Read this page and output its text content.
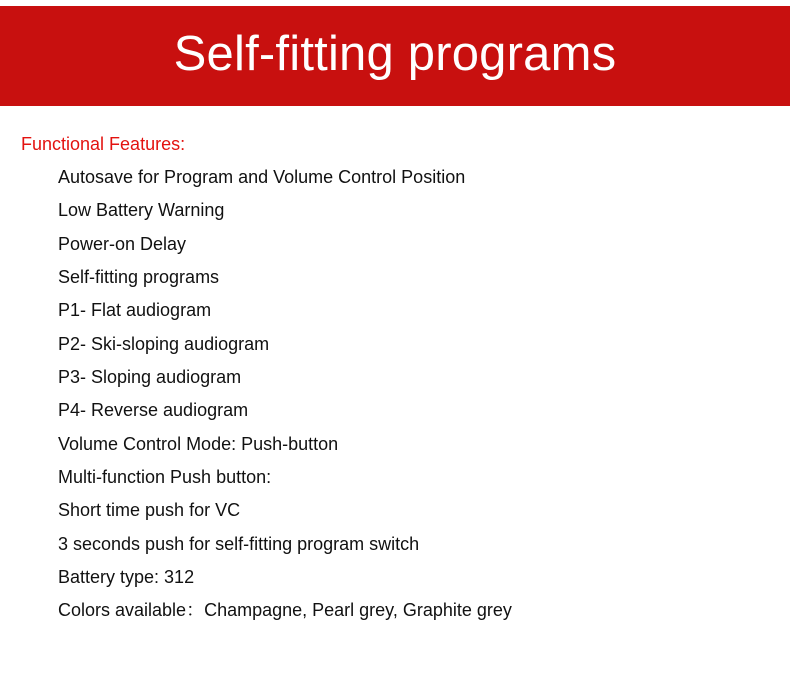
Self-fitting programs
Functional Features:
Autosave for Program and Volume Control Position
Low Battery Warning
Power-on Delay
Self-fitting programs
P1- Flat audiogram
P2- Ski-sloping audiogram
P3- Sloping audiogram
P4- Reverse audiogram
Volume Control Mode: Push-button
Multi-function Push button:
Short time push for VC
3 seconds push for self-fitting program switch
Battery type: 312
Colors available：Champagne, Pearl grey, Graphite grey
